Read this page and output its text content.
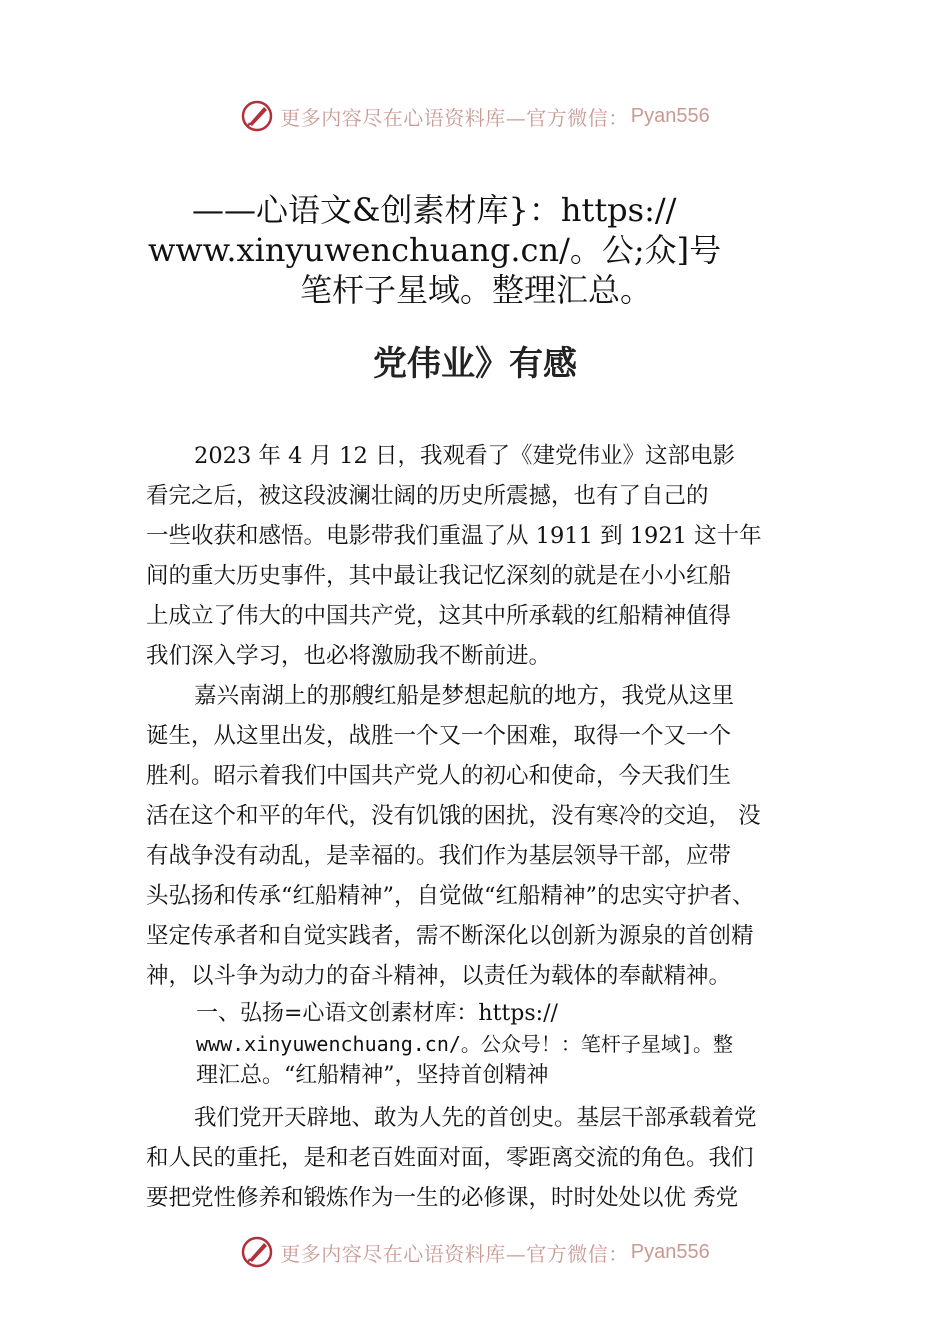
更多内容尽在心语资料库—官方微信： Pyan556
——心语文&创素材库}：https://
www.xinyuwenchuang.cn/。公;众]号
笔杆子星域。整理汇总。
党伟业》有感

2023 年 4 月 12 日，我观看了《建党伟业》这部电影

看完之后，被这段波澜壮阔的历史所震撼，也有了自己的

一些收获和感悟。电影带我们重温了从 1911 到 1921 这十年

间的重大历史事件，其中最让我记忆深刻的就是在小小红船

上成立了伟大的中国共产党，这其中所承载的红船精神值得

我们深入学习，也必将激励我不断前进。

嘉兴南湖上的那艘红船是梦想起航的地方，我党从这里

诞生，从这里出发，战胜一个又一个困难，取得一个又一个

胜利。昭示着我们中国共产党人的初心和使命，今天我们生

活在这个和平的年代，没有饥饿的困扰，没有寒冷的交迫， 没

有战争没有动乱，是幸福的。我们作为基层领导干部，应带

头弘扬和传承“红船精神”，自觉做“红船精神”的忠实守护者、

坚定传承者和自觉实践者，需不断深化以创新为源泉的首创精

神，以斗争为动力的奋斗精神，以责任为载体的奉献精神。

一、弘扬=心语文创素材库：https://
www.xinyuwenchuang.cn/。公众号！：笔杆子星域]。整
理汇总。“红船精神”，坚持首创精神

我们党开天辟地、敢为人先的首创史。基层干部承载着党

和人民的重托，是和老百姓面对面，零距离交流的角色。我们

要把党性修养和锻炼作为一生的必修课，时时处处以优 秀党

更多内容尽在心语资料库—官方微信： Pyan556
